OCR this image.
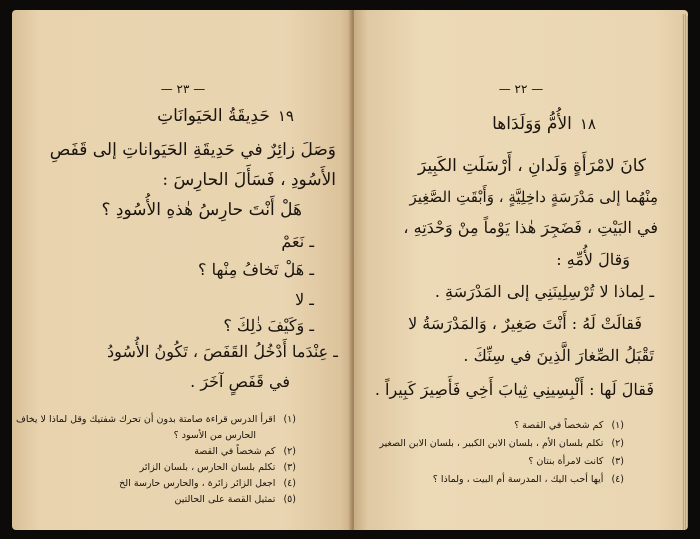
— ٢٣ —
١٩حَدِيقَةُ الحَيَوانَاتِ
وَصَلَ زائِرٌ في حَدِيقَةِ الحَيَواناتِ إلى قَفَصِ
الأَسُودِ ، فَسَأَلَ الحارِسَ :
هَلْ أَنْتَ حارِسُ هٰذهِ الأُسُودِ ؟
ـ نَعَمْ
ـ هَلْ تَخافُ مِنْها ؟
ـ لا
ـ وَكَيْفَ ذٰلِكَ ؟
ـ عِنْدَما أَدْخُلُ القَفَصَ ، تَكُونُ الأُسُودُ
في قَفَصٍ آخَرَ .
(١)اقرأ الدرس قراءة صامتة بدون أن تحرك شفتيك وقل لماذا لا يخاف
الحارس من الأسود ؟
(٢)كم شخصاً في القصة
(٣)تكلم بلسان الحارس ، بلسان الزائر
(٤)اجعل الزائر زائرة ، والحارس حارسة الخ
(٥)تمثيل القصة على الحالتين
— ٢٢ —
١٨الأُمُّ وَوَلَدَاها
كانَ لامْرَأَةٍ وَلَدانِ ، أَرْسَلَتِ الكَبِيرَ
مِنْهُما إلى مَدْرَسَةٍ داخِلِيَّةٍ ، وَأَبْقَتِ الصَّغِيرَ
في البَيْتِ ، فَضَجِرَ هٰذا يَوْماً مِنْ وَحْدَتِهِ ،
وَقالَ لأُمِّهِ :
ـ لِماذا لا تُرْسِلِينَنِي إلى المَدْرَسَةِ .
فَقالَتْ لَهُ : أَنْتَ صَغِيرٌ ، وَالمَدْرَسَةُ لا
تَقْبَلُ الصِّغارَ الَّذِينَ في سِنِّكَ .
فَقالَ لَها : أَلْبِسِينِي ثِيابَ أَخِي فَأَصِيرَ كَبِيراً .
(١)كم شخصاً في القصة ؟
(٢)تكلم بلسان الأم ، بلسان الابن الكبير ، بلسان الابن الصغير
(٣)كانت لامرأة بنتان ؟
(٤)أيها أحب اليك ، المدرسة أم البيت ، ولماذا ؟
